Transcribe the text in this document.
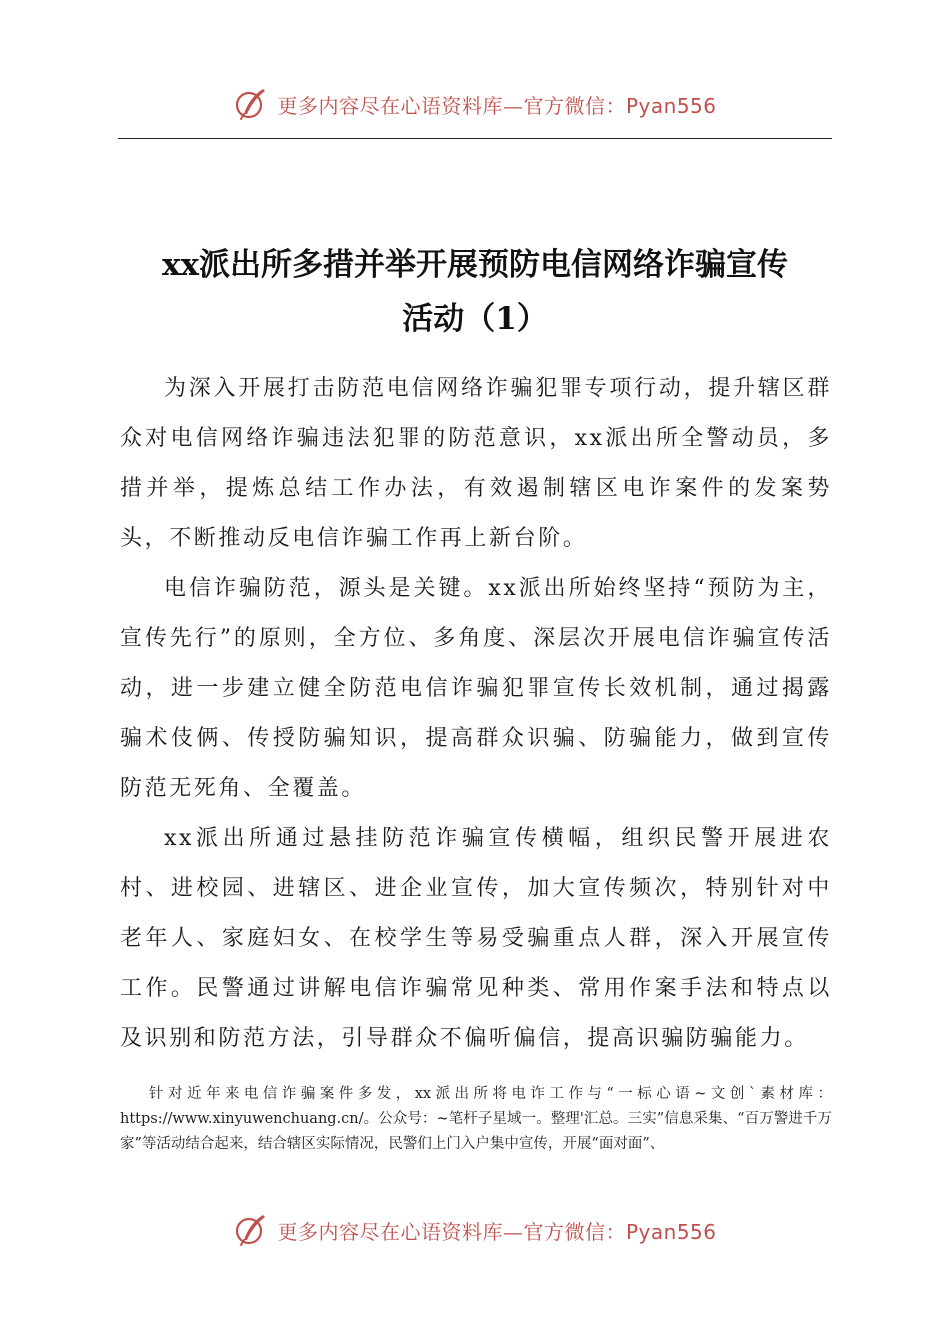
更多内容尽在心语资料库—官方微信：Pyan556
xx派出所多措并举开展预防电信网络诈骗宣传
活动（1）

为深入开展打击防范电信网络诈骗犯罪专项行动，提升辖区群众对电信网络诈骗违法犯罪的防范意识，xx派出所全警动员，多措并举，提炼总结工作办法，有效遏制辖区电诈案件的发案势头，不断推动反电信诈骗工作再上新台阶。

电信诈骗防范，源头是关键。xx派出所始终坚持“预防为主，宣传先行”的原则，全方位、多角度、深层次开展电信诈骗宣传活动，进一步建立健全防范电信诈骗犯罪宣传长效机制，通过揭露骗术伎俩、传授防骗知识，提高群众识骗、防骗能力，做到宣传防范无死角、全覆盖。

xx派出所通过悬挂防范诈骗宣传横幅，组织民警开展进农村、进校园、进辖区、进企业宣传，加大宣传频次，特别针对中老年人、家庭妇女、在校学生等易受骗重点人群，深入开展宣传工作。民警通过讲解电信诈骗常见种类、常用作案手法和特点以及识别和防范方法，引导群众不偏听偏信，提高识骗防骗能力。

针对近年来电信诈骗案件多发，xx派出所将电诈工作与“一标心语~文创`素材库：https://www.xinyuwenchuang.cn/。公众号：~笔杆子星域一。整理'汇总。三实”信息采集、“百万警进千万家”等活动结合起来，结合辖区实际情况，民警们上门入户集中宣传，开展“面对面”、

更多内容尽在心语资料库—官方微信：Pyan556
